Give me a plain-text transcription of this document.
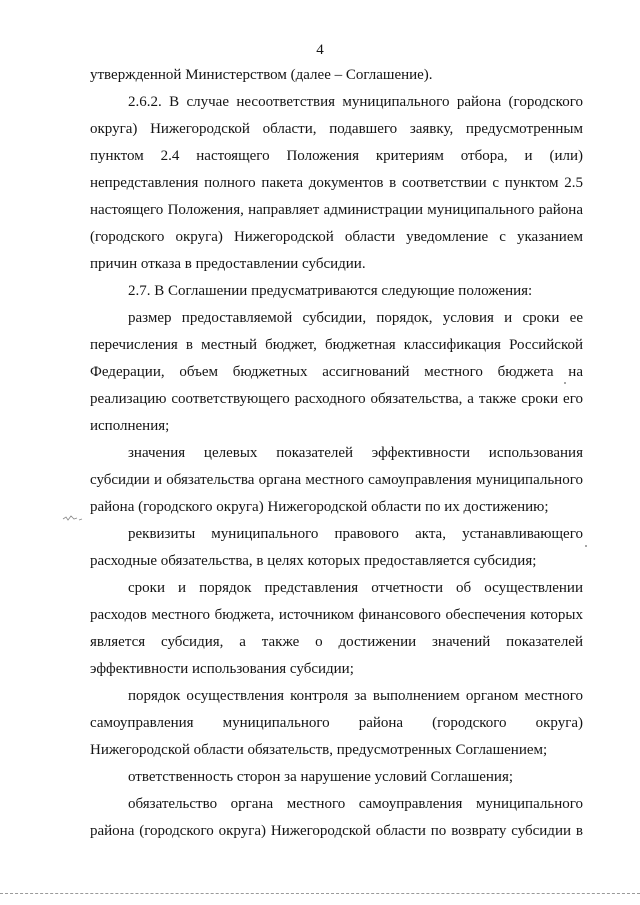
4
утвержденной Министерством (далее – Соглашение).
2.6.2. В случае несоответствия муниципального района (городского
округа) Нижегородской области, подавшего заявку, предусмотренным
пунктом 2.4 настоящего Положения критериям отбора, и (или)
непредставления полного пакета документов в соответствии с пунктом 2.5
настоящего Положения, направляет администрации муниципального района
(городского округа) Нижегородской области уведомление с указанием
причин отказа в предоставлении субсидии.
2.7. В Соглашении предусматриваются следующие положения:
размер предоставляемой субсидии, порядок, условия и сроки ее
перечисления в местный бюджет, бюджетная классификация Российской
Федерации, объем бюджетных ассигнований местного бюджета на
реализацию соответствующего расходного обязательства, а также сроки его
исполнения;
значения целевых показателей эффективности использования
субсидии и обязательства органа местного самоуправления муниципального
района (городского округа) Нижегородской области по их достижению;
реквизиты муниципального правового акта, устанавливающего
расходные обязательства, в целях которых предоставляется субсидия;
сроки и порядок представления отчетности об осуществлении
расходов местного бюджета, источником финансового обеспечения которых
является субсидия, а также о достижении значений показателей
эффективности использования субсидии;
порядок осуществления контроля за выполнением органом местного
самоуправления муниципального района (городского округа)
Нижегородской области обязательств, предусмотренных Соглашением;
ответственность сторон за нарушение условий Соглашения;
обязательство органа местного самоуправления муниципального
района (городского округа) Нижегородской области по возврату субсидии в
